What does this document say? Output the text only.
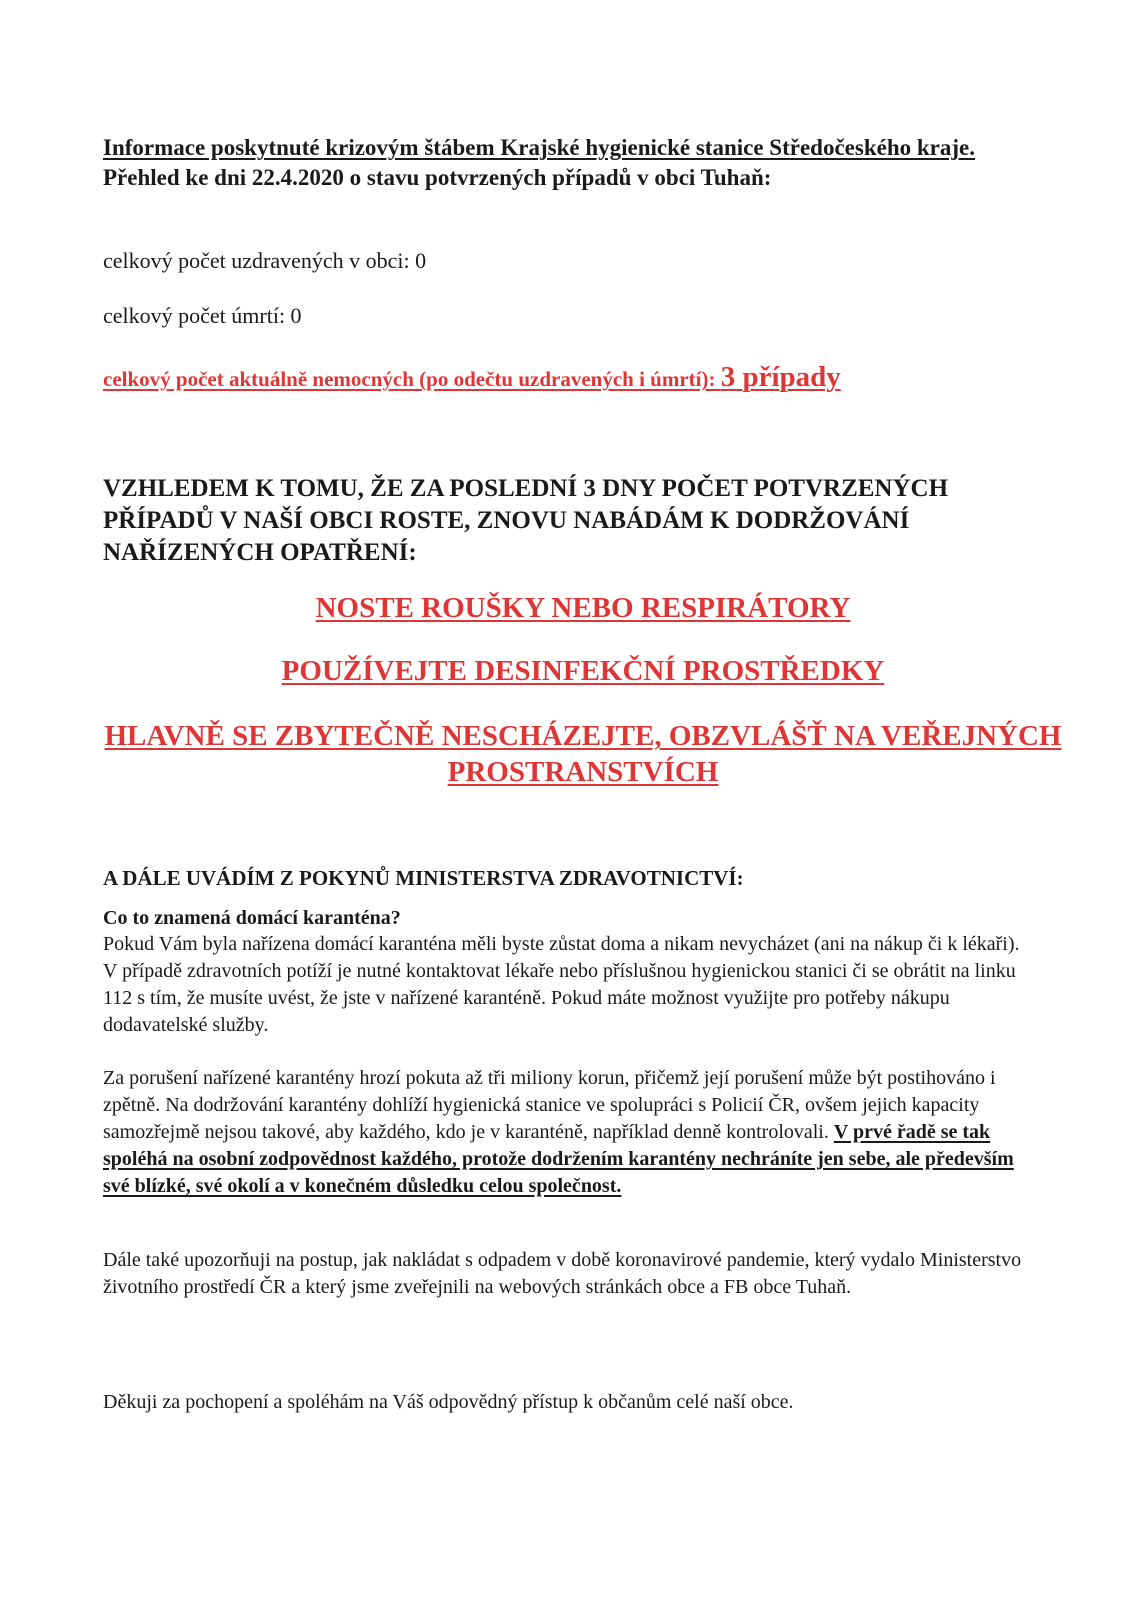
Informace poskytnuté krizovým štábem Krajské hygienické stanice Středočeského kraje.
Přehled ke dni 22.4.2020 o stavu potvrzených případů v obci Tuhaň:
celkový počet uzdravených v obci: 0
celkový počet úmrtí: 0
celkový počet aktuálně nemocných (po odečtu uzdravených i úmrtí): 3 případy
VZHLEDEM K TOMU, ŽE ZA POSLEDNÍ 3 DNY POČET POTVRZENÝCH PŘÍPADŮ V NAŠÍ OBCI ROSTE, ZNOVU NABÁDÁM K DODRŽOVÁNÍ NAŘÍZENÝCH OPATŘENÍ:
NOSTE ROUŠKY NEBO RESPIRÁTORY
POUŽÍVEJTE DESINFEKČNÍ PROSTŘEDKY
HLAVNĚ SE ZBYTEČNĚ NESCHÁZEJTE, OBZVLÁŠŤ NA VEŘEJNÝCH PROSTRANSTVÍCH
A DÁLE UVÁDÍM Z POKYNŮ MINISTERSTVA ZDRAVOTNICTVÍ:
Co to znamená domácí karanténa?
Pokud Vám byla nařízena domácí karanténa měli byste zůstat doma a nikam nevycházet (ani na nákup či k lékaři). V případě zdravotních potíží je nutné kontaktovat lékaře nebo příslušnou hygienickou stanici či se obrátit na linku 112 s tím, že musíte uvést, že jste v nařízené karanténě. Pokud máte možnost využijte pro potřeby nákupu dodavatelské služby.
Za porušení nařízené karantény hrozí pokuta až tři miliony korun, přičemž její porušení může být postihováno i zpětně. Na dodržování karantény dohlíží hygienická stanice ve spolupráci s Policií ČR, ovšem jejich kapacity samozřejmě nejsou takové, aby každého, kdo je v karanténě, například denně kontrolovali. V prvé řadě se tak spoléhá na osobní zodpovědnost každého, protože dodržením karantény nechráníte jen sebe, ale především své blízké, své okolí a v konečném důsledku celou společnost.
Dále také upozorňuji na postup, jak nakládat s odpadem v době koronavirové pandemie, který vydalo Ministerstvo životního prostředí ČR a který jsme zveřejnili na webových stránkách obce a FB obce Tuhaň.
Děkuji za pochopení a spoléhám na Váš odpovědný přístup k občanům celé naší obce.
